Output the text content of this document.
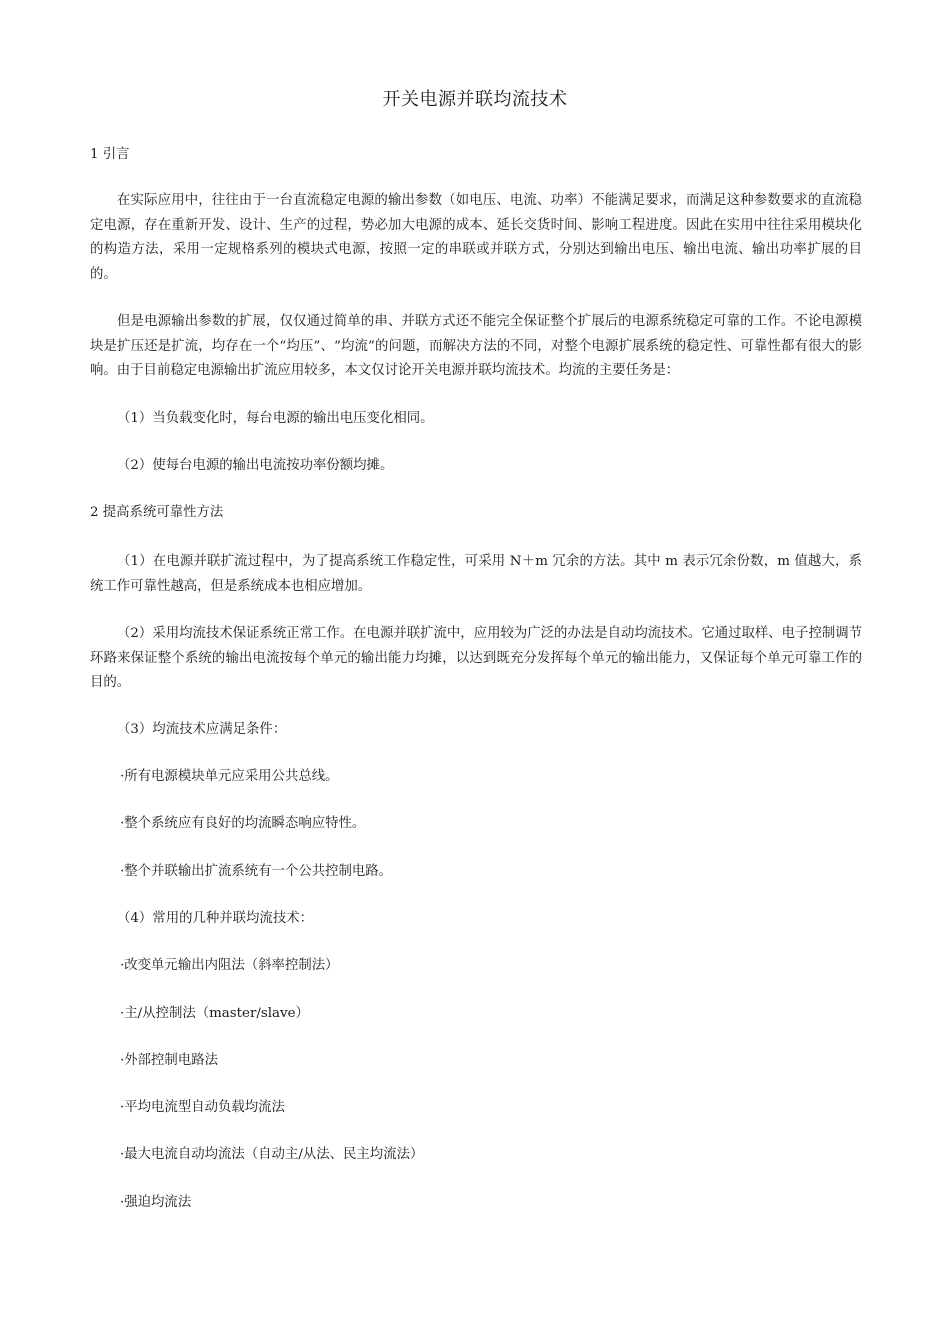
开关电源并联均流技术

1 引言

在实际应用中，往往由于一台直流稳定电源的输出参数（如电压、电流、功率）不能满足要求，而满足这种参数要求的直流稳定电源，存在重新开发、设计、生产的过程，势必加大电源的成本、延长交货时间、影响工程进度。因此在实用中往往采用模块化的构造方法，采用一定规格系列的模块式电源，按照一定的串联或并联方式，分别达到输出电压、输出电流、输出功率扩展的目的。

但是电源输出参数的扩展，仅仅通过简单的串、并联方式还不能完全保证整个扩展后的电源系统稳定可靠的工作。不论电源模块是扩压还是扩流，均存在一个“均压”、“均流”的问题，而解决方法的不同，对整个电源扩展系统的稳定性、可靠性都有很大的影响。由于目前稳定电源输出扩流应用较多，本文仅讨论开关电源并联均流技术。均流的主要任务是：

（1）当负载变化时，每台电源的输出电压变化相同。

（2）使每台电源的输出电流按功率份额均摊。

2 提高系统可靠性方法

（1）在电源并联扩流过程中，为了提高系统工作稳定性，可采用 N＋m 冗余的方法。其中 m 表示冗余份数，m 值越大，系统工作可靠性越高，但是系统成本也相应增加。

（2）采用均流技术保证系统正常工作。在电源并联扩流中，应用较为广泛的办法是自动均流技术。它通过取样、电子控制调节环路来保证整个系统的输出电流按每个单元的输出能力均摊，以达到既充分发挥每个单元的输出能力，又保证每个单元可靠工作的目的。

（3）均流技术应满足条件：

·所有电源模块单元应采用公共总线。

·整个系统应有良好的均流瞬态响应特性。

·整个并联输出扩流系统有一个公共控制电路。

（4）常用的几种并联均流技术：

·改变单元输出内阻法（斜率控制法）

·主/从控制法（master/slave）

·外部控制电路法

·平均电流型自动负载均流法

·最大电流自动均流法（自动主/从法、民主均流法）

·强迫均流法
